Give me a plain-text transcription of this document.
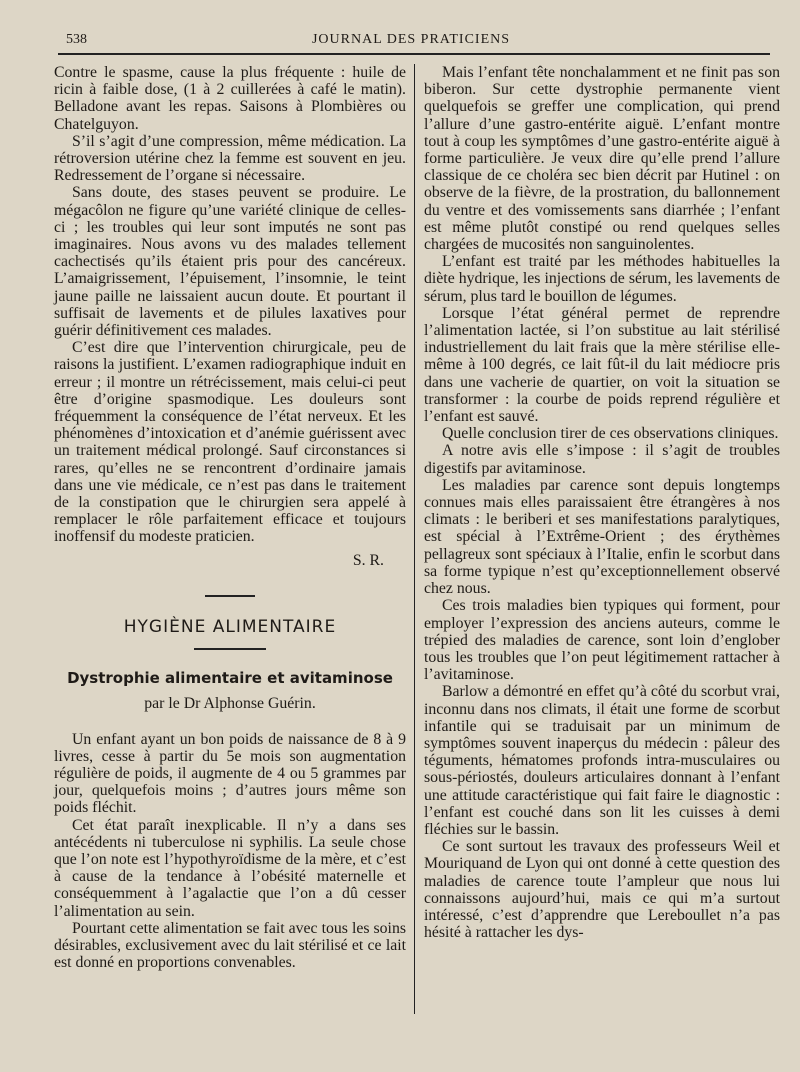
538	JOURNAL DES PRATICIENS

Contre le spasme, cause la plus fréquente : huile de ricin à faible dose, (1 à 2 cuillerées à café le matin). Belladone avant les repas. Saisons à Plombières ou Chatelguyon.

S’il s’agit d’une compression, même médication. La rétroversion utérine chez la femme est souvent en jeu. Redressement de l’organe si nécessaire.

Sans doute, des stases peuvent se produire. Le mégacôlon ne figure qu’une variété clinique de celles-ci ; les troubles qui leur sont imputés ne sont pas imaginaires. Nous avons vu des malades tellement cachectisés qu’ils étaient pris pour des cancéreux. L’amaigrissement, l’épuisement, l’insomnie, le teint jaune paille ne laissaient aucun doute. Et pourtant il suffisait de lavements et de pilules laxatives pour guérir définitivement ces malades.

C’est dire que l’intervention chirurgicale, peu de raisons la justifient. L’examen radiographique induit en erreur ; il montre un rétrécissement, mais celui-ci peut être d’origine spasmodique. Les douleurs sont fréquemment la conséquence de l’état nerveux. Et les phénomènes d’intoxication et d’anémie guérissent avec un traitement médical prolongé. Sauf circonstances si rares, qu’elles ne se rencontrent d’ordinaire jamais dans une vie médicale, ce n’est pas dans le traitement de la constipation que le chirurgien sera appelé à remplacer le rôle parfaitement efficace et toujours inoffensif du modeste praticien.

S. R.
HYGIÈNE ALIMENTAIRE
Dystrophie alimentaire et avitaminose
par le Dr Alphonse Guérin.

Un enfant ayant un bon poids de naissance de 8 à 9 livres, cesse à partir du 5e mois son augmentation régulière de poids, il augmente de 4 ou 5 grammes par jour, quelquefois moins ; d’autres jours même son poids fléchit.

Cet état paraît inexplicable. Il n’y a dans ses antécédents ni tuberculose ni syphilis. La seule chose que l’on note est l’hypothyroïdisme de la mère, et c’est à cause de la tendance à l’obésité maternelle et conséquemment à l’agalactie que l’on a dû cesser l’alimentation au sein.

Pourtant cette alimentation se fait avec tous les soins désirables, exclusivement avec du lait stérilisé et ce lait est donné en proportions convenables.

Mais l’enfant tête nonchalamment et ne finit pas son biberon. Sur cette dystrophie permanente vient quelquefois se greffer une complication, qui prend l’allure d’une gastro-entérite aiguë. L’enfant montre tout à coup les symptômes d’une gastro-entérite aiguë à forme particulière. Je veux dire qu’elle prend l’allure classique de ce choléra sec bien décrit par Hutinel : on observe de la fièvre, de la prostration, du ballonnement du ventre et des vomissements sans diarrhée ; l’enfant est même plutôt constipé ou rend quelques selles chargées de mucosités non sanguinolentes.

L’enfant est traité par les méthodes habituelles la diète hydrique, les injections de sérum, les lavements de sérum, plus tard le bouillon de légumes.

Lorsque l’état général permet de reprendre l’alimentation lactée, si l’on substitue au lait stérilisé industriellement du lait frais que la mère stérilise elle-même à 100 degrés, ce lait fût-il du lait médiocre pris dans une vacherie de quartier, on voit la situation se transformer : la courbe de poids reprend régulière et l’enfant est sauvé.

Quelle conclusion tirer de ces observations cliniques.

A notre avis elle s’impose : il s’agit de troubles digestifs par avitaminose.

Les maladies par carence sont depuis longtemps connues mais elles paraissaient être étrangères à nos climats : le beriberi et ses manifestations paralytiques, est spécial à l’Extrême-Orient ; des érythèmes pellagreux sont spéciaux à l’Italie, enfin le scorbut dans sa forme typique n’est qu’exceptionnellement observé chez nous.

Ces trois maladies bien typiques qui forment, pour employer l’expression des anciens auteurs, comme le trépied des maladies de carence, sont loin d’englober tous les troubles que l’on peut légitimement rattacher à l’avitaminose.

Barlow a démontré en effet qu’à côté du scorbut vrai, inconnu dans nos climats, il était une forme de scorbut infantile qui se traduisait par un minimum de symptômes souvent inaperçus du médecin : pâleur des téguments, hématomes profonds intra-musculaires ou sous-périostés, douleurs articulaires donnant à l’enfant une attitude caractéristique qui fait faire le diagnostic : l’enfant est couché dans son lit les cuisses à demi fléchies sur le bassin.

Ce sont surtout les travaux des professeurs Weil et Mouriquand de Lyon qui ont donné à cette question des maladies de carence toute l’ampleur que nous lui connaissons aujourd’hui, mais ce qui m’a surtout intéressé, c’est d’apprendre que Lereboullet n’a pas hésité à rattacher les dys-
